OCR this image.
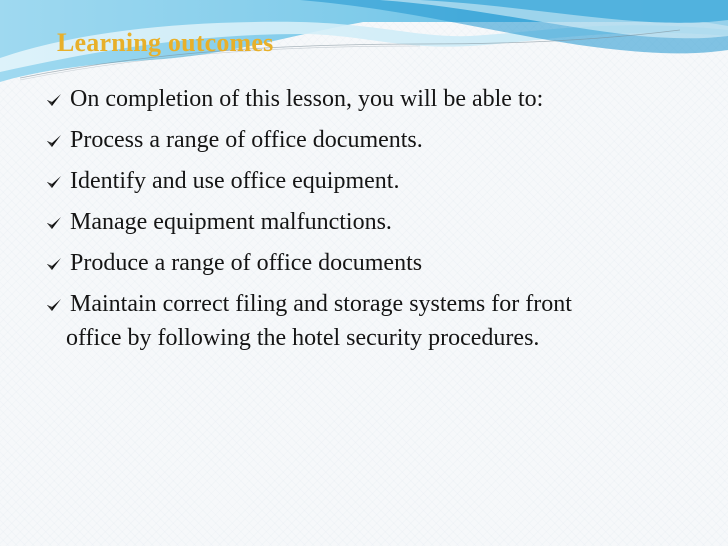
Learning outcomes
On completion of this lesson, you will be able to:
Process a range of office documents.
Identify and use office equipment.
Manage equipment malfunctions.
Produce a range of office documents
Maintain correct filing and storage systems for front
office by following the hotel security procedures.
